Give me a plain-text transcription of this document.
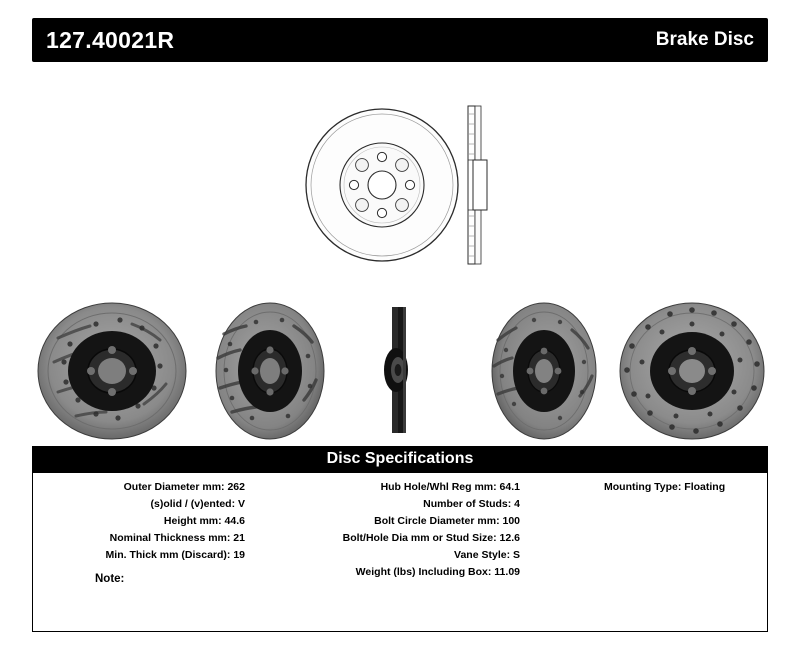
127.40021R	Brake Disc
Disc Specifications
Outer Diameter mm: 262
(s)olid / (v)ented: V
Height mm: 44.6
Nominal Thickness mm: 21
Min. Thick mm (Discard): 19
Hub Hole/Whl Reg mm: 64.1
Number of Studs: 4
Bolt Circle Diameter mm: 100
Bolt/Hole Dia mm or Stud Size: 12.6
Vane Style: S
Weight (lbs) Including Box: 11.09
Mounting Type: Floating
Note:
